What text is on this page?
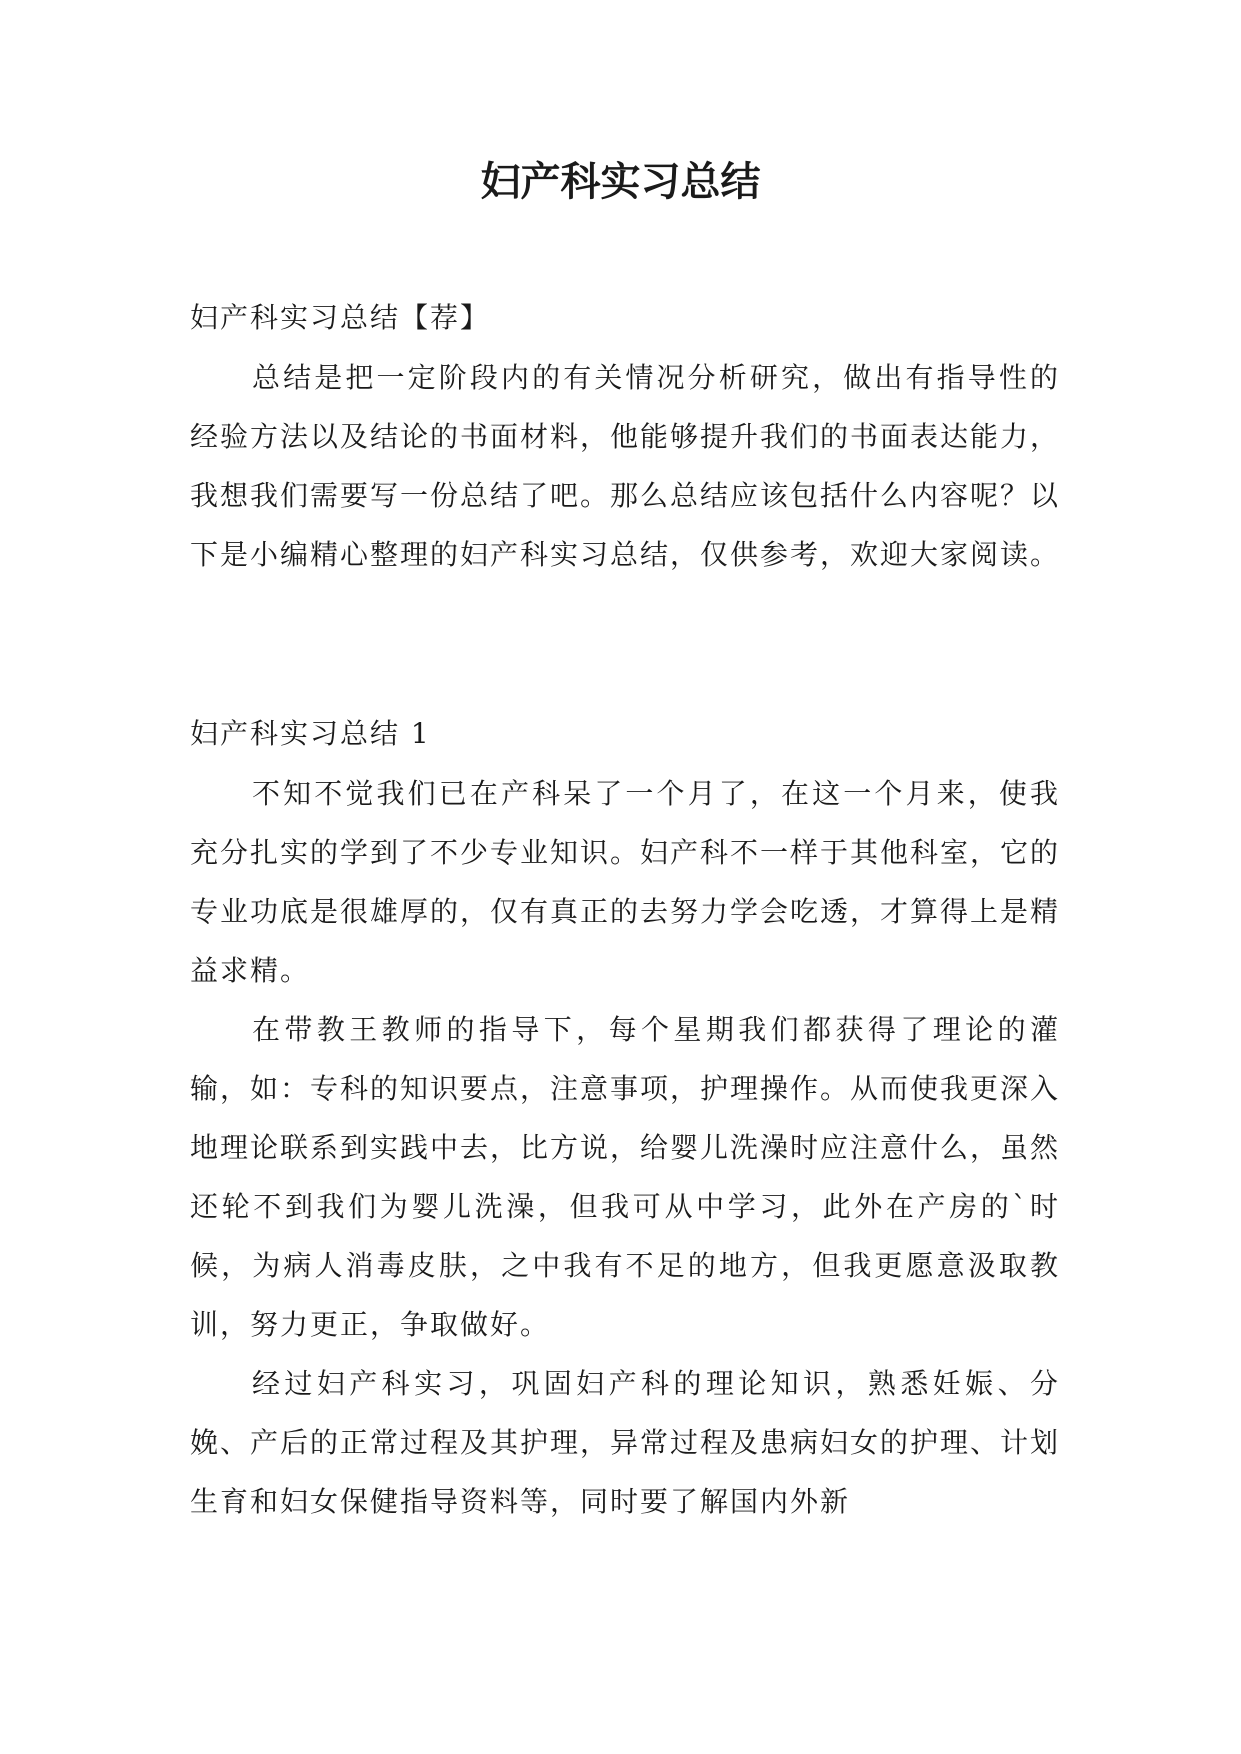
妇产科实习总结

妇产科实习总结【荐】

总结是把一定阶段内的有关情况分析研究，做出有指导性的经验方法以及结论的书面材料，他能够提升我们的书面表达能力，我想我们需要写一份总结了吧。那么总结应该包括什么内容呢？以下是小编精心整理的妇产科实习总结，仅供参考，欢迎大家阅读。

妇产科实习总结 1

不知不觉我们已在产科呆了一个月了，在这一个月来，使我充分扎实的学到了不少专业知识。妇产科不一样于其他科室，它的专业功底是很雄厚的，仅有真正的去努力学会吃透，才算得上是精益求精。

在带教王教师的指导下，每个星期我们都获得了理论的灌输，如：专科的知识要点，注意事项，护理操作。从而使我更深入地理论联系到实践中去，比方说，给婴儿洗澡时应注意什么，虽然还轮不到我们为婴儿洗澡，但我可从中学习，此外在产房的`时候，为病人消毒皮肤，之中我有不足的地方，但我更愿意汲取教训，努力更正，争取做好。

经过妇产科实习，巩固妇产科的理论知识，熟悉妊娠、分娩、产后的正常过程及其护理，异常过程及患病妇女的护理、计划生育和妇女保健指导资料等，同时要了解国内外新
